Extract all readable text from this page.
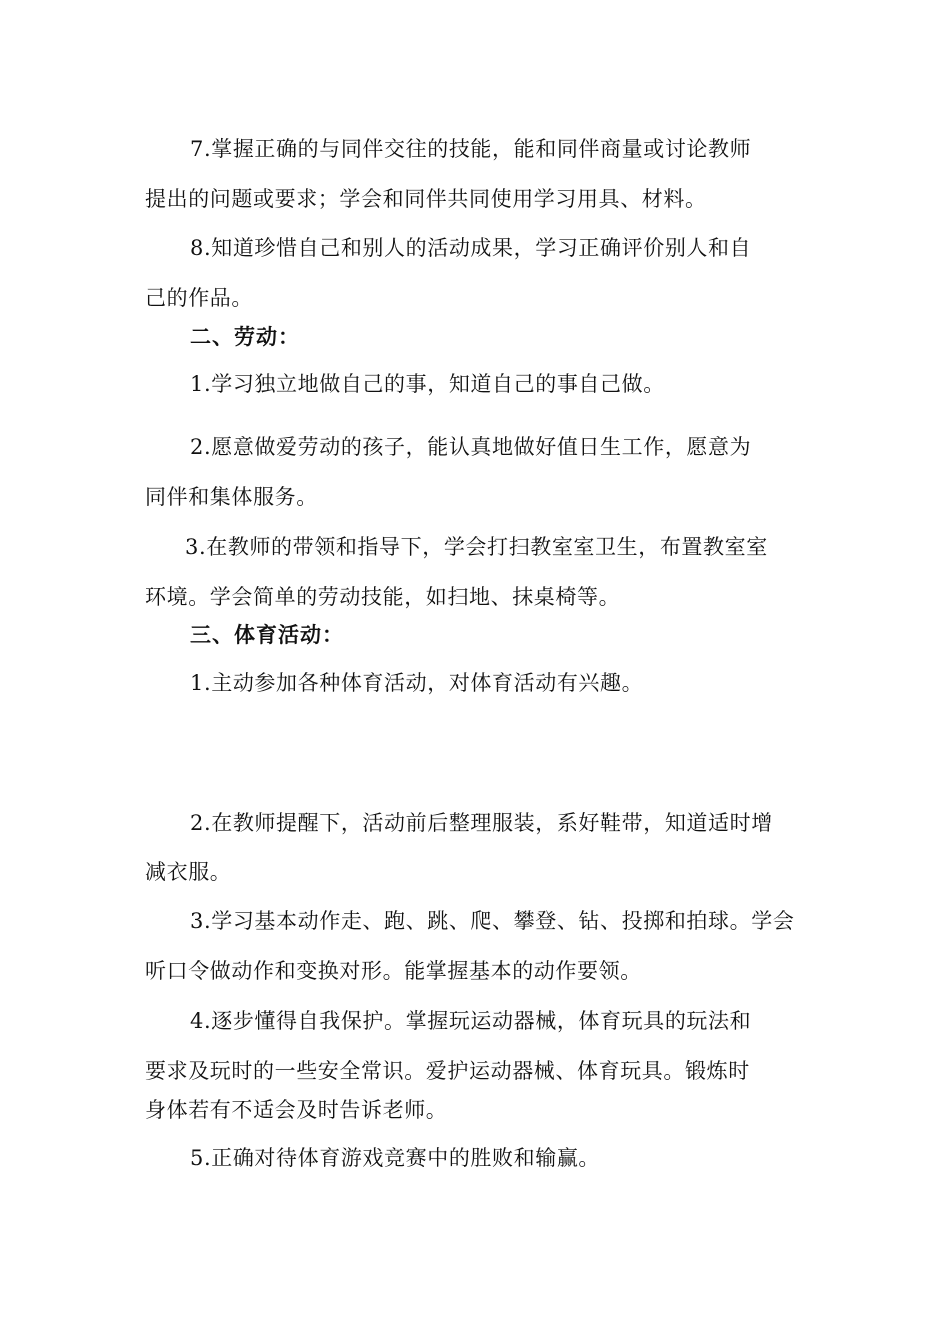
7.掌握正确的与同伴交往的技能，能和同伴商量或讨论教师
提出的问题或要求；学会和同伴共同使用学习用具、材料。
8.知道珍惜自己和别人的活动成果，学习正确评价别人和自
己的作品。
二、劳动：
1.学习独立地做自己的事，知道自己的事自己做。
2.愿意做爱劳动的孩子，能认真地做好值日生工作，愿意为
同伴和集体服务。
3.在教师的带领和指导下，学会打扫教室室卫生，布置教室室
环境。学会简单的劳动技能，如扫地、抹桌椅等。
三、体育活动：
1.主动参加各种体育活动，对体育活动有兴趣。
2.在教师提醒下，活动前后整理服装，系好鞋带，知道适时增
减衣服。
3.学习基本动作走、跑、跳、爬、攀登、钻、投掷和拍球。学会
听口令做动作和变换对形。能掌握基本的动作要领。
4.逐步懂得自我保护。掌握玩运动器械，体育玩具的玩法和
要求及玩时的一些安全常识。爱护运动器械、体育玩具。锻炼时
身体若有不适会及时告诉老师。
5.正确对待体育游戏竞赛中的胜败和输赢。
